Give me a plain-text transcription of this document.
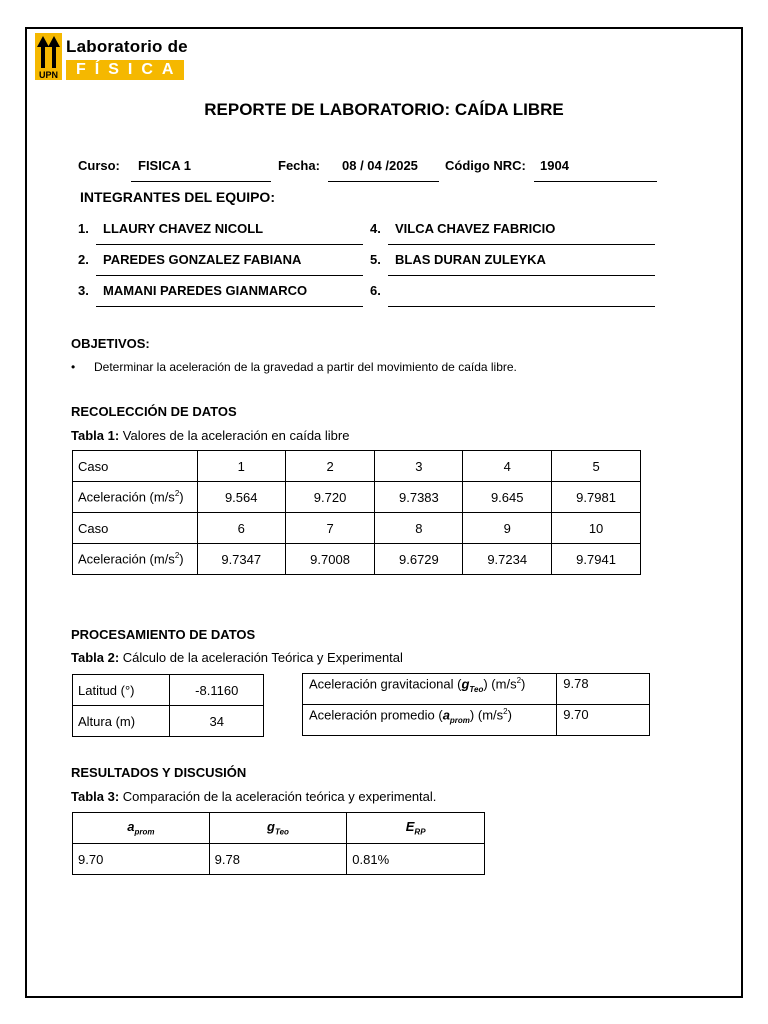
UPN
Laboratorio de
FÍSICA
REPORTE DE LABORATORIO: CAÍDA LIBRE
Curso: FISICA 1	Fecha: 08 / 04 /2025 Código NRC: 1904
INTEGRANTES DEL EQUIPO:
1. LLAURY CHAVEZ NICOLL
2. PAREDES GONZALEZ FABIANA
3. MAMANI PAREDES GIANMARCO
4. VILCA CHAVEZ FABRICIO
5. BLAS DURAN ZULEYKA
6.
OBJETIVOS:
• Determinar la aceleración de la gravedad a partir del movimiento de caída libre.
RECOLECCIÓN DE DATOS
Tabla 1: Valores de la aceleración en caída libre
Caso	1	2	3	4	5
Aceleración $(m/s^2)$	9.564	9.720	9.7383	9.645	9.7981
Caso	6	7	8	9	10
Aceleración $(m/s^2)$	9.7347	9.7008	9.6729	9.7234	9.7941
PROCESAMIENTO DE DATOS
Tabla 2: Cálculo de la aceleración Teórica y Experimental
Latitud (°)	-8.1160
Altura (m)	34
Aceleración gravitacional $(g_{Teo})$ $(m/s^2)$	9.78
Aceleración promedio $(a_{prom})$ $(m/s^2)$	9.70
RESULTADOS Y DISCUSIÓN
Tabla 3: Comparación de la aceleración teórica y experimental.
$a_{prom}$	$g_{Teo}$	$E_{RP}$
9.70	9.78	0.81%
